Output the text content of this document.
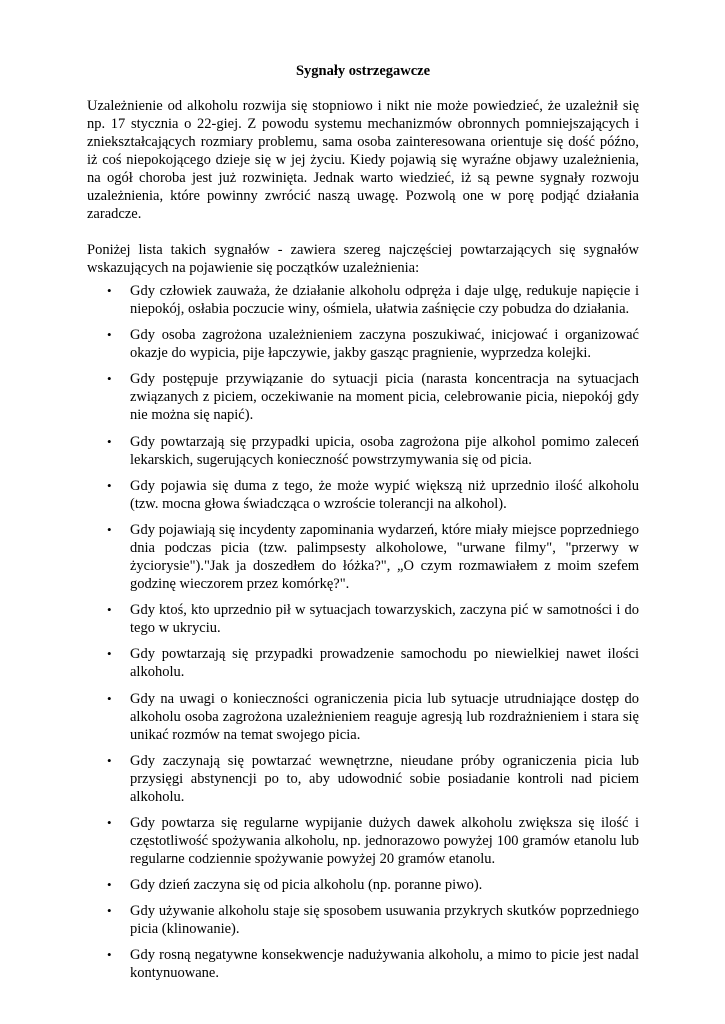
Sygnały ostrzegawcze

Uzależnienie od alkoholu rozwija się stopniowo i nikt nie może powiedzieć, że uzależnił się np. 17 stycznia o 22-giej. Z powodu systemu mechanizmów obronnych pomniejszających i zniekształcających rozmiary problemu, sama osoba zainteresowana orientuje się dość późno, iż coś niepokojącego dzieje się w jej życiu. Kiedy pojawią się wyraźne objawy uzależnienia, na ogół choroba jest już rozwinięta. Jednak warto wiedzieć, iż są pewne sygnały rozwoju uzależnienia, które powinny zwrócić naszą uwagę. Pozwolą one w porę podjąć działania zaradcze.

Poniżej lista takich sygnałów - zawiera szereg najczęściej powtarzających się sygnałów wskazujących na pojawienie się początków uzależnienia:

• Gdy człowiek zauważa, że działanie alkoholu odpręża i daje ulgę, redukuje napięcie i niepokój, osłabia poczucie winy, ośmiela, ułatwia zaśnięcie czy pobudza do działania.
• Gdy osoba zagrożona uzależnieniem zaczyna poszukiwać, inicjować i organizować okazje do wypicia, pije łapczywie, jakby gasząc pragnienie, wyprzedza kolejki.
• Gdy postępuje przywiązanie do sytuacji picia (narasta koncentracja na sytuacjach związanych z piciem, oczekiwanie na moment picia, celebrowanie picia, niepokój gdy nie można się napić).
• Gdy powtarzają się przypadki upicia, osoba zagrożona pije alkohol pomimo zaleceń lekarskich, sugerujących konieczność powstrzymywania się od picia.
• Gdy pojawia się duma z tego, że może wypić większą niż uprzednio ilość alkoholu (tzw. mocna głowa świadcząca o wzroście tolerancji na alkohol).
• Gdy pojawiają się incydenty zapominania wydarzeń, które miały miejsce poprzedniego dnia podczas picia (tzw. palimpsesty alkoholowe, "urwane filmy", "przerwy w życiorysie")."Jak ja doszedłem do łóżka?", „O czym rozmawiałem z moim szefem godzinę wieczorem przez komórkę?".
• Gdy ktoś, kto uprzednio pił w sytuacjach towarzyskich, zaczyna pić w samotności i do tego w ukryciu.
• Gdy powtarzają się przypadki prowadzenie samochodu po niewielkiej nawet ilości alkoholu.
• Gdy na uwagi o konieczności ograniczenia picia lub sytuacje utrudniające dostęp do alkoholu osoba zagrożona uzależnieniem reaguje agresją lub rozdrażnieniem i stara się unikać rozmów na temat swojego picia.
• Gdy zaczynają się powtarzać wewnętrzne, nieudane próby ograniczenia picia lub przysięgi abstynencji po to, aby udowodnić sobie posiadanie kontroli nad piciem alkoholu.
• Gdy powtarza się regularne wypijanie dużych dawek alkoholu zwiększa się ilość i częstotliwość spożywania alkoholu, np. jednorazowo powyżej 100 gramów etanolu lub regularne codziennie spożywanie powyżej 20 gramów etanolu.
• Gdy dzień zaczyna się od picia alkoholu (np. poranne piwo).
• Gdy używanie alkoholu staje się sposobem usuwania przykrych skutków poprzedniego picia (klinowanie).
• Gdy rosną negatywne konsekwencje nadużywania alkoholu, a mimo to picie jest nadal kontynuowane.
